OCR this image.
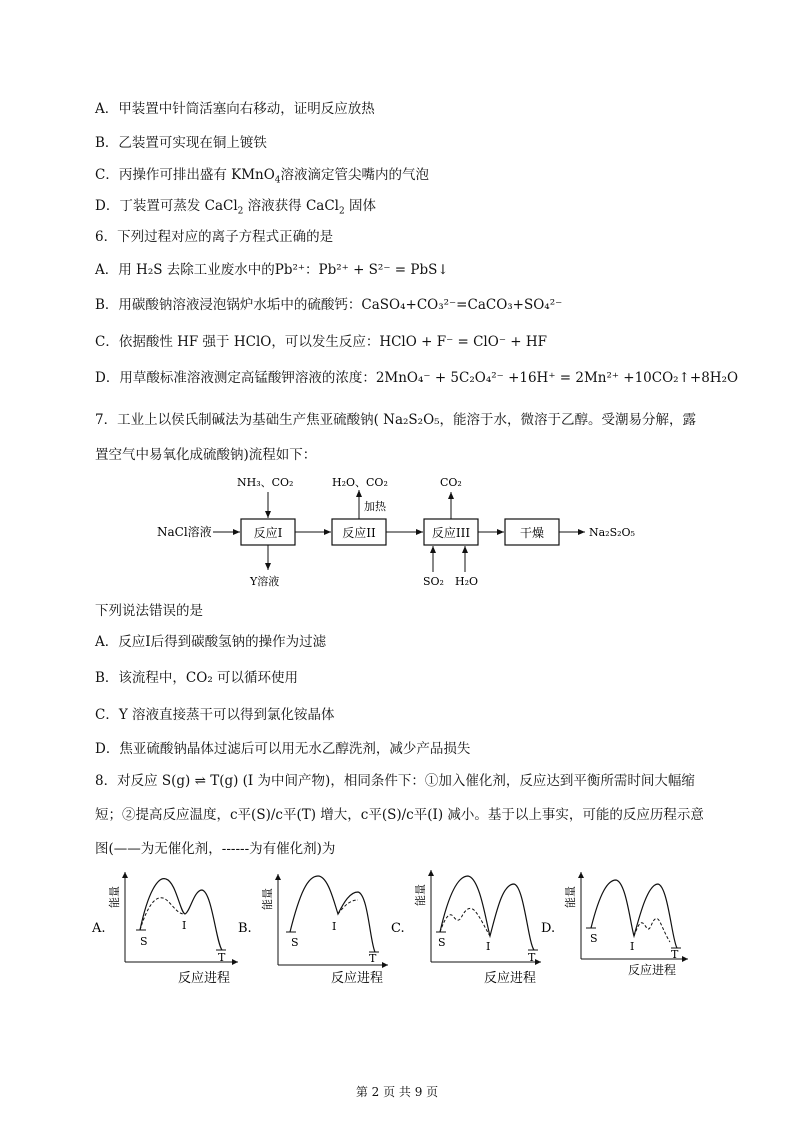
A．甲装置中针筒活塞向右移动，证明反应放热
B．乙装置可实现在铜上镀铁
C．丙操作可排出盛有 KMnO$_4$溶液滴定管尖嘴内的气泡
D．丁装置可蒸发 CaCl$_2$ 溶液获得 CaCl$_2$ 固体
6．下列过程对应的离子方程式正确的是
A．用 H₂S 去除工业废水中的Pb²⁺：Pb²⁺ + S²⁻ = PbS↓
B．用碳酸钠溶液浸泡锅炉水垢中的硫酸钙：CaSO₄+CO₃²⁻=CaCO₃+SO₄²⁻
C．依据酸性 HF 强于 HClO，可以发生反应：HClO + F⁻ = ClO⁻ + HF
D．用草酸标准溶液测定高锰酸钾溶液的浓度：2MnO₄⁻ + 5C₂O₄²⁻ +16H⁺ = 2Mn²⁺ +10CO₂↑+8H₂O
7．工业上以侯氏制碱法为基础生产焦亚硫酸钠( Na₂S₂O₅，能溶于水，微溶于乙醇。受潮易分解，露
置空气中易氧化成硫酸钠)流程如下：
NaCl溶液	反应I
NH₃、CO₂
Y溶液
反应II
H₂O、CO₂
加热
反应III
CO₂
SO₂ H₂O
干燥	Na₂S₂O₅
下列说法错误的是
A．反应I后得到碳酸氢钠的操作为过滤
B．该流程中，CO₂ 可以循环使用
C．Y 溶液直接蒸干可以得到氯化铵晶体
D．焦亚硫酸钠晶体过滤后可以用无水乙醇洗剂，减少产品损失
8．对反应 S(g) ⇌ T(g) (I 为中间产物)，相同条件下：①加入催化剂，反应达到平衡所需时间大幅缩
短；②提高反应温度，c平(S)/c平(T) 增大，c平(S)/c平(I) 减小。基于以上事实，可能的反应历程示意
图(——为无催化剂，------为有催化剂)为
A.
能量
S
I
T
反应进程
B.
能量
S
I
T
反应进程
C.
能量
S	I
T
反应进程
D.
能量
S
I
T
反应进程
第 2 页 共 9 页
